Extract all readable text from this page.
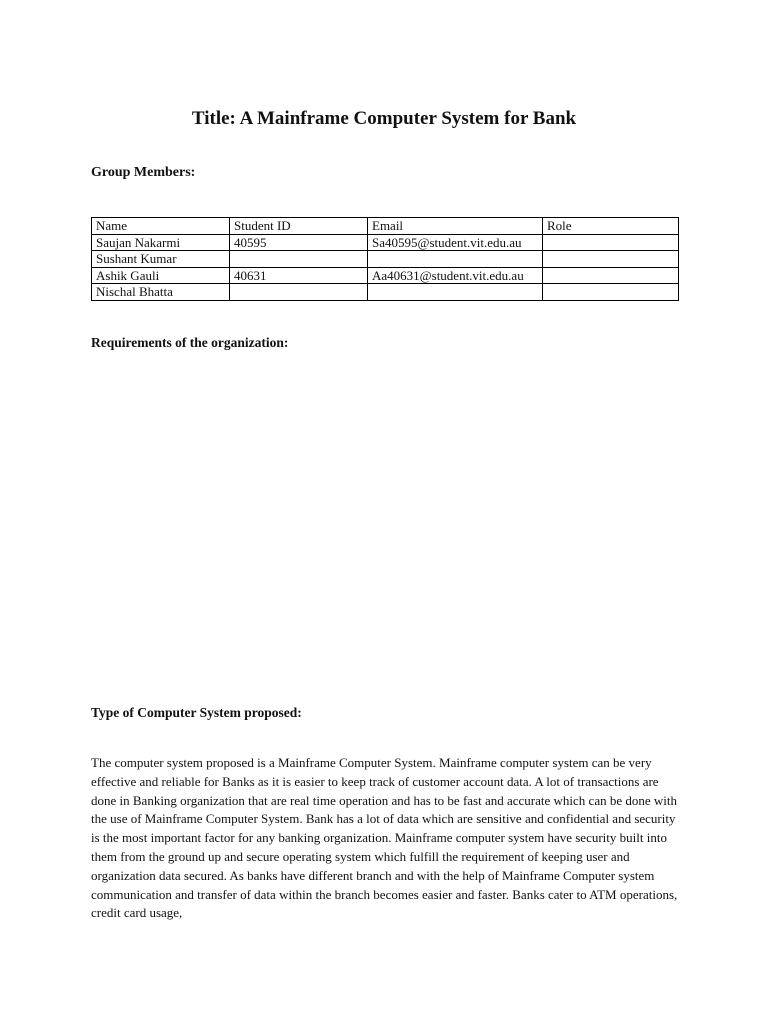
Title: A Mainframe Computer System for Bank
Group Members:
Name	Student ID	Email	Role
Saujan Nakarmi	40595	Sa40595@student.vit.edu.au	
Sushant Kumar			
Ashik Gauli	40631	Aa40631@student.vit.edu.au	
Nischal Bhatta			
Requirements of the organization:
Type of Computer System proposed:

The computer system proposed is a Mainframe Computer System. Mainframe computer system can be very effective and reliable for Banks as it is easier to keep track of customer account data. A lot of transactions are done in Banking organization that are real time operation and has to be fast and accurate which can be done with the use of Mainframe Computer System. Bank has a lot of data which are sensitive and confidential and security is the most important factor for any banking organization. Mainframe computer system have security built into them from the ground up and secure operating system which fulfill the requirement of keeping user and organization data secured. As banks have different branch and with the help of Mainframe Computer system communication and transfer of data within the branch becomes easier and faster. Banks cater to ATM operations, credit card usage,
